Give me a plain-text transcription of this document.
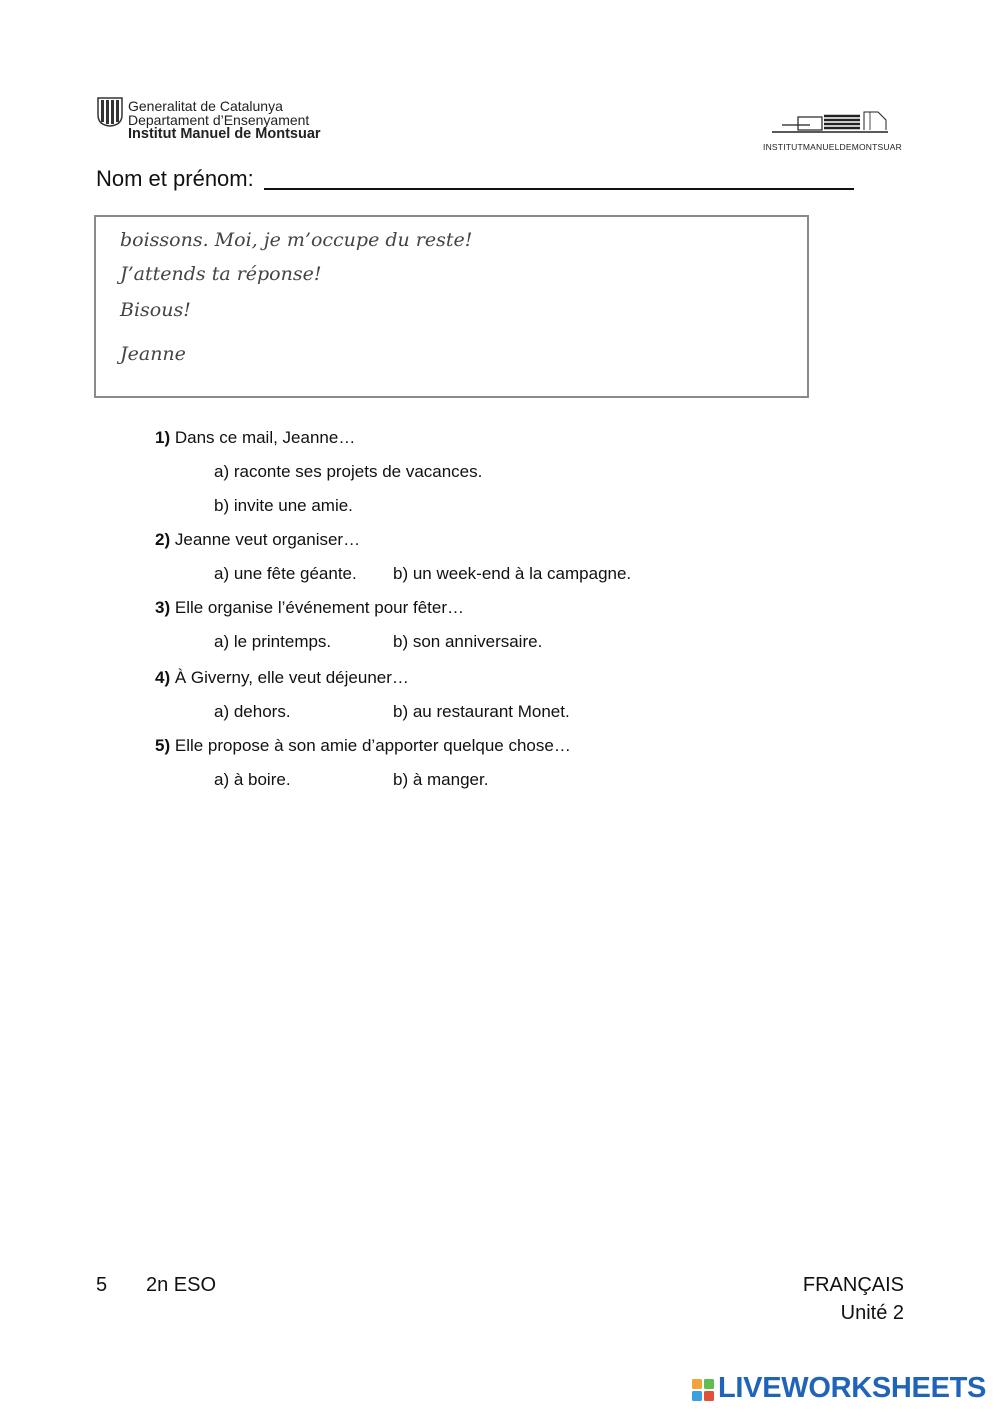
Generalitat de Catalunya
Departament d’Ensenyament
Institut Manuel de Montsuar
INSTITUTMANUELDEMONTSUAR
Nom et prénom:
boissons. Moi, je m’occupe du reste!
J’attends ta réponse!
Bisous!
Jeanne
1) Dans ce mail, Jeanne…
a) raconte ses projets de vacances.
b) invite une amie.
2) Jeanne veut organiser…
a) une fête géante. b) un week-end à la campagne.
3) Elle organise l’événement pour fêter…
a) le printemps.	b) son anniversaire.
4) À Giverny, elle veut déjeuner…
a) dehors.	b) au restaurant Monet.
5) Elle propose à son amie d’apporter quelque chose…
a) à boire.	b) à manger.
5 2n ESO	FRANÇAIS
Unité 2
LIVEWORKSHEETS
